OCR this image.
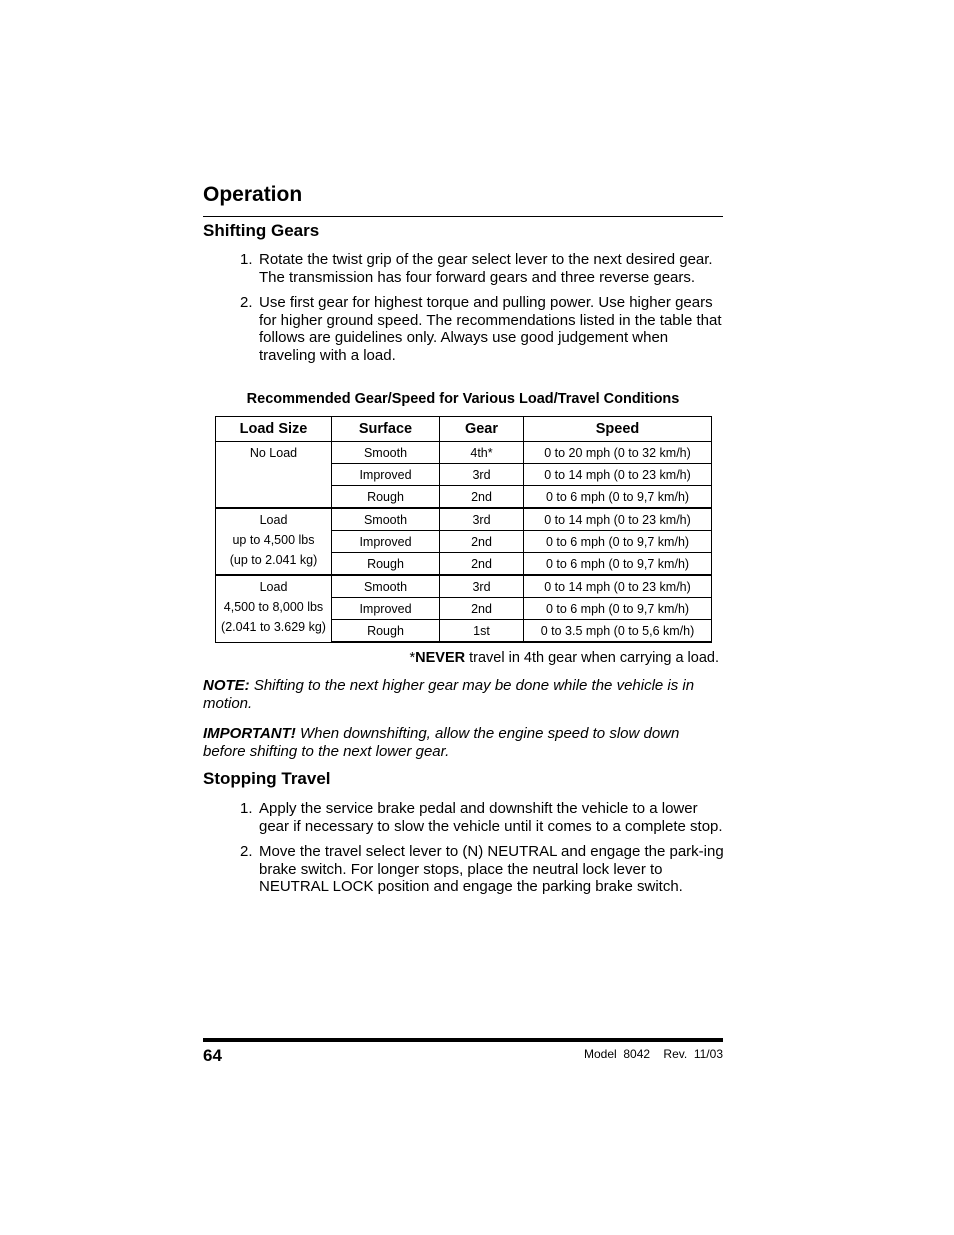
Operation
Shifting Gears
1. Rotate the twist grip of the gear select lever to the next desired gear. The transmission has four forward gears and three reverse gears.
2. Use first gear for highest torque and pulling power. Use higher gears for higher ground speed. The recommendations listed in the table that follows are guidelines only. Always use good judgement when traveling with a load.

Recommended Gear/Speed for Various Load/Travel Conditions

Load Size	Surface	Gear	Speed

No Load	Smooth	4th*	0 to 20 mph (0 to 32 km/h)
	Improved	3rd	0 to 14 mph (0 to 23 km/h)
	Rough	2nd	0 to 6 mph (0 to 9,7 km/h)

Load
up to 4,500 lbs
(up to 2.041 kg)	Smooth	3rd	0 to 14 mph (0 to 23 km/h)
	Improved	2nd	0 to 6 mph (0 to 9,7 km/h)
	Rough	2nd	0 to 6 mph (0 to 9,7 km/h)

Load
4,500 to 8,000 lbs
(2.041 to 3.629 kg)	Smooth	3rd	0 to 14 mph (0 to 23 km/h)
	Improved	2nd	0 to 6 mph (0 to 9,7 km/h)
	Rough	1st	0 to 3.5 mph (0 to 5,6 km/h)

*NEVER travel in 4th gear when carrying a load.

NOTE: Shifting to the next higher gear may be done while the vehicle is in motion.

IMPORTANT! When downshifting, allow the engine speed to slow down before shifting to the next lower gear.

Stopping Travel
1. Apply the service brake pedal and downshift the vehicle to a lower gear if necessary to slow the vehicle until it comes to a complete stop.
2. Move the travel select lever to (N) NEUTRAL and engage the park-ing brake switch. For longer stops, place the neutral lock lever to NEUTRAL LOCK position and engage the parking brake switch.

64	Model  8042    Rev.  11/03
